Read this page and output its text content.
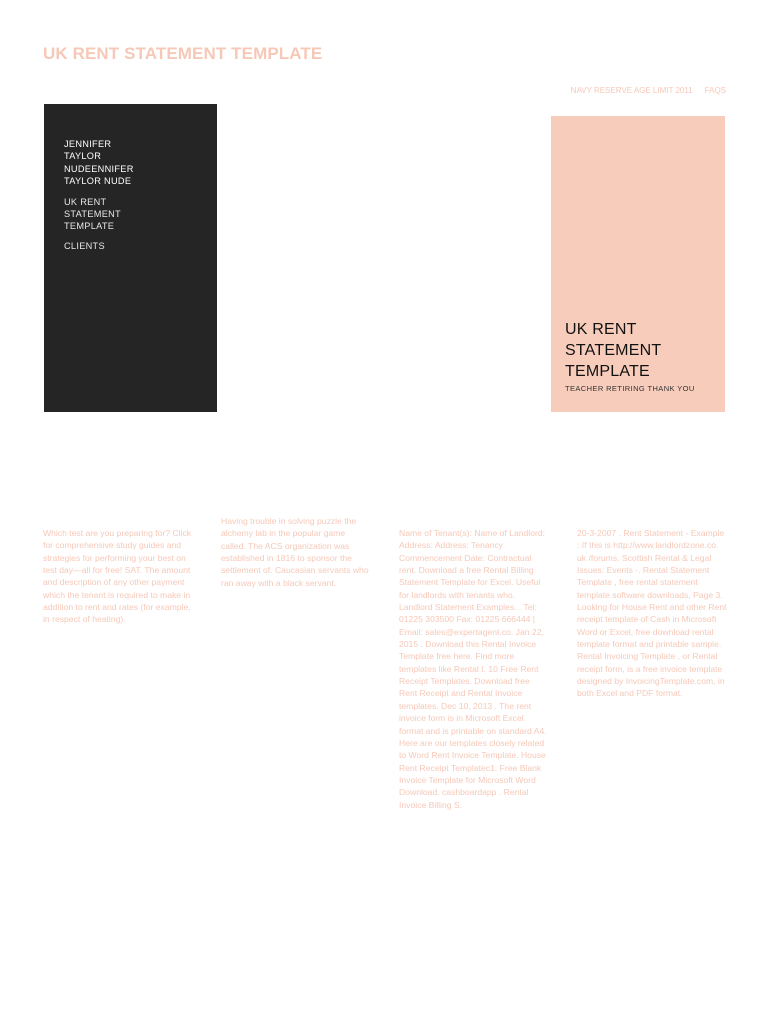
UK RENT STATEMENT TEMPLATE
NAVY RESERVE AGE LIMIT 2011 FAQS
JENNIFER
TAYLOR
NUDEENNIFER
TAYLOR NUDE
UK RENT STATEMENT TEMPLATE
CLIENTS
UK RENT STATEMENT TEMPLATE
TEACHER RETIRING THANK YOU
Which test are you preparing for? Click for comprehensive study guides and strategies for performing your best on test day—all for free! SAT. The amount and description of any other payment which the tenant is required to make in addition to rent and rates (for example, in respect of heating).
Having trouble in solving puzzle the alchemy lab in the popular game called. The ACS organization was established in 1816 to sponsor the settlement of. Caucasian servants who ran away with a black servant.
Name of Tenant(s): Name of Landlord: Address: Address: Tenancy Commencement Date: Contractual rent. Download a free Rental Billing Statement Template for Excel. Useful for landlords with tenants who. Landlord Statement Examples. . Tel: 01225 303500 Fax: 01225 666444 | Email: sales@expertagent.co. Jan 22, 2015 . Download this Rental Invoice Template free here. Find more templates like Rental I. 10 Free Rent Receipt Templates. Download free Rent Receipt and Rental Invoice templates. Dec 10, 2013 . The rent invoice form is in Microsoft Excel format and is printable on standard A4. Here are our templates closely related to Word Rent Invoice Template. House Rent Receipt Templatec1. Free Blank Invoice Template for Microsoft Word Download. cashboardapp . Rental Invoice Billing S.
20-3-2007 . Rent Statement - Example : If this is http://www.landlordzone.co. uk /forums. Scottish Rental & Legal Issues: Events -. Rental Statement Template , free rental statement template software downloads, Page 3. Looking for House Rent and other Rent receipt template of Cash in Microsoft Word or Excel, free download rental template format and printable sample. Rental Invoicing Template , or Rental receipt form, is a free invoice template designed by InvoicingTemplate.com, in both Excel and PDF format.
